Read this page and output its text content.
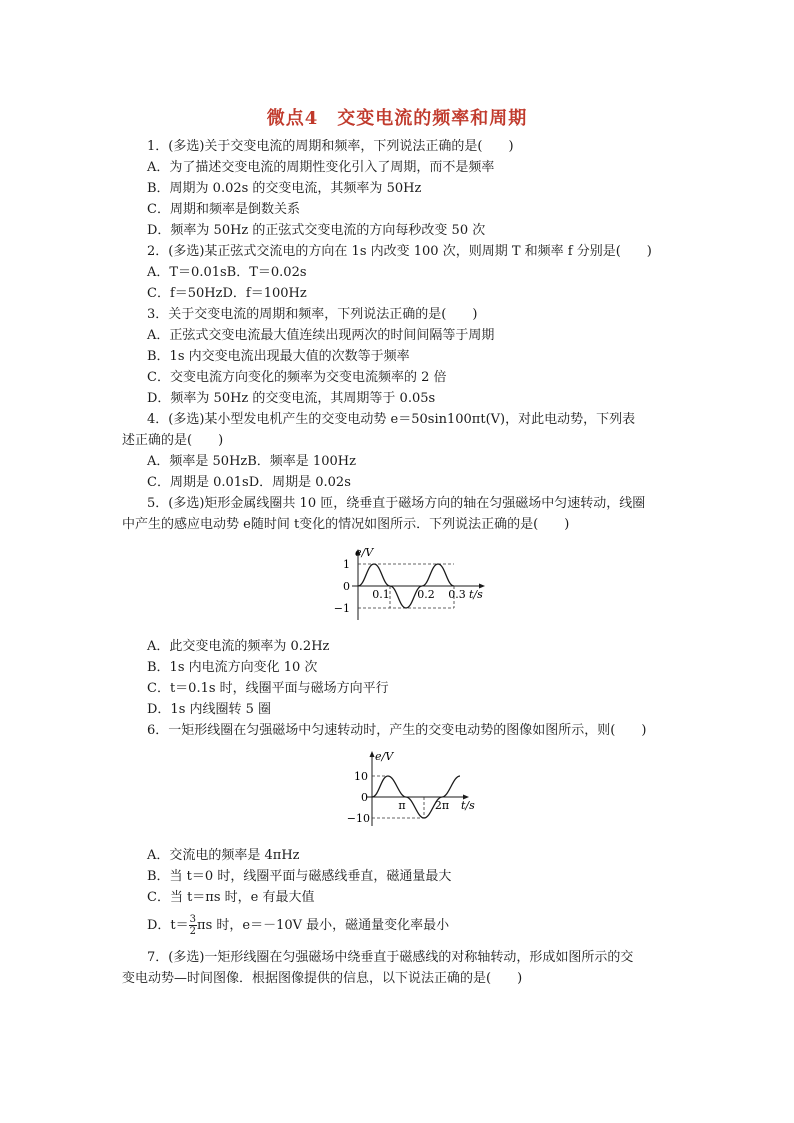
微点4　交变电流的频率和周期
1．(多选)关于交变电流的周期和频率，下列说法正确的是(　　)
A．为了描述交变电流的周期性变化引入了周期，而不是频率
B．周期为 0.02s 的交变电流，其频率为 50Hz
C．周期和频率是倒数关系
D．频率为 50Hz 的正弦式交变电流的方向每秒改变 50 次
2．(多选)某正弦式交流电的方向在 1s 内改变 100 次，则周期 T 和频率 f 分别是(　　)
A．T＝0.01sB．T＝0.02s
C．f＝50HzD．f＝100Hz
3．关于交变电流的周期和频率，下列说法正确的是(　　)
A．正弦式交变电流最大值连续出现两次的时间间隔等于周期
B．1s 内交变电流出现最大值的次数等于频率
C．交变电流方向变化的频率为交变电流频率的 2 倍
D．频率为 50Hz 的交变电流，其周期等于 0.05s
4．(多选)某小型发电机产生的交变电动势 e＝50sin100πt(V)，对此电动势，下列表
述正确的是(　　)
A．频率是 50HzB．频率是 100Hz
C．周期是 0.01sD．周期是 0.02s
5．(多选)矩形金属线圈共 10 匝，绕垂直于磁场方向的轴在匀强磁场中匀速转动，线圈
中产生的感应电动势 e随时间 t变化的情况如图所示．下列说法正确的是(　　)
e/V
1
0
−1
0.1	0.2 0.3 t/s
A．此交变电流的频率为 0.2Hz
B．1s 内电流方向变化 10 次
C．t＝0.1s 时，线圈平面与磁场方向平行
D．1s 内线圈转 5 圈
6．一矩形线圈在匀强磁场中匀速转动时，产生的交变电动势的图像如图所示，则(　　)
e/V
10
0
−10
π	2π t/s
A．交流电的频率是 4πHz
B．当 t＝0 时，线圈平面与磁感线垂直，磁通量最大
C．当 t＝πs 时，e 有最大值
D．$t= \frac{3}{2}$ πs 时，e＝－10V 最小，磁通量变化率最小
7．(多选)一矩形线圈在匀强磁场中绕垂直于磁感线的对称轴转动，形成如图所示的交
变电动势—时间图像．根据图像提供的信息，以下说法正确的是(　　)
